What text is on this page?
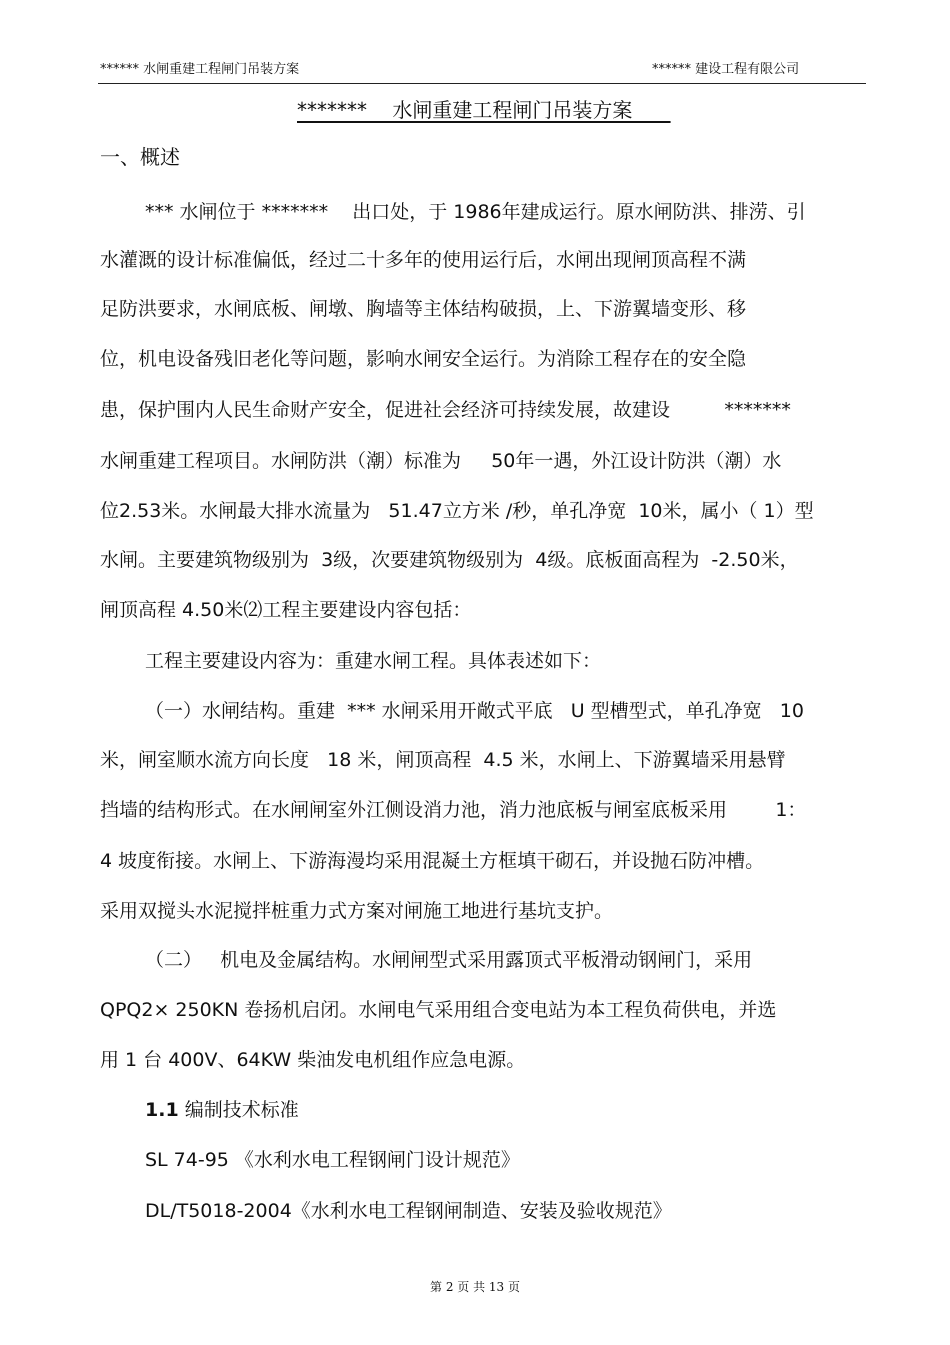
****** 水闸重建工程闸门吊装方案	****** 建设工程有限公司
*******    水闸重建工程闸门吊装方案
一、概述
*** 水闸位于 *******    出口处，于 1986年建成运行。原水闸防洪、排涝、引
水灌溉的设计标准偏低，经过二十多年的使用运行后，水闸出现闸顶高程不满
足防洪要求，水闸底板、闸墩、胸墙等主体结构破损，上、下游翼墙变形、移
位，机电设备残旧老化等问题，影响水闸安全运行。为消除工程存在的安全隐
患，保护围内人民生命财产安全，促进社会经济可持续发展，故建设         *******
水闸重建工程项目。水闸防洪（潮）标准为     50年一遇，外江设计防洪（潮）水
位2.53米。水闸最大排水流量为   51.47立方米 /秒，单孔净宽  10米，属小（ 1）型
水闸。主要建筑物级别为  3级，次要建筑物级别为  4级。底板面高程为  -2.50米，
闸顶高程 4.50米⑵工程主要建设内容包括：
工程主要建设内容为：重建水闸工程。具体表述如下：
（一）水闸结构。重建  *** 水闸采用开敞式平底   U 型槽型式，单孔净宽   10
米，闸室顺水流方向长度   18 米，闸顶高程  4.5 米，水闸上、下游翼墙采用悬臂
挡墙的结构形式。在水闸闸室外江侧设消力池，消力池底板与闸室底板采用        1：
4 坡度衔接。水闸上、下游海漫均采用混凝土方框填干砌石，并设抛石防冲槽。
采用双搅头水泥搅拌桩重力式方案对闸施工地进行基坑支护。
（二）   机电及金属结构。水闸闸型式采用露顶式平板滑动钢闸门，采用
QPQ2× 250KN 卷扬机启闭。水闸电气采用组合变电站为本工程负荷供电，并选
用 1 台 400V、64KW 柴油发电机组作应急电源。
1.1 编制技术标准
SL 74-95 《水利水电工程钢闸门设计规范》
DL/T5018-2004《水利水电工程钢闸制造、安装及验收规范》
第 2 页 共 13 页
